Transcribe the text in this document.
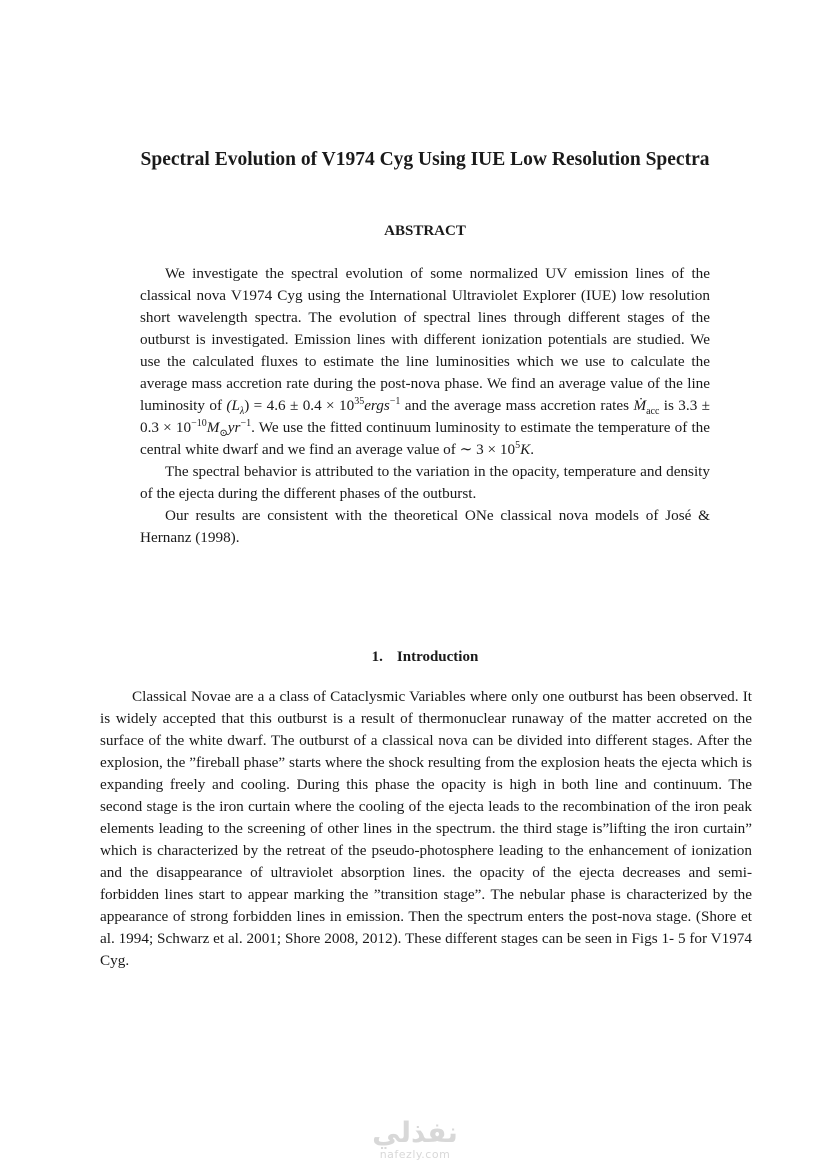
Spectral Evolution of V1974 Cyg Using IUE Low Resolution Spectra
ABSTRACT

We investigate the spectral evolution of some normalized UV emission lines of the classical nova V1974 Cyg using the International Ultraviolet Explorer (IUE) low resolution short wavelength spectra. The evolution of spectral lines through different stages of the outburst is investigated. Emission lines with different ionization potentials are studied. We use the calculated fluxes to estimate the line luminosities which we use to calculate the average mass accretion rate during the post-nova phase. We find an average value of the line luminosity of $(L_\lambda) = 4.6 \pm 0.4$ × $10^{35}ergs^{-1}$ and the average mass accretion rates Ṁ$_{acc}$ is $3.3 \pm 0.3 \times 10^{-10}M_⊙yr^{-1}$. We use the fitted continuum luminosity to estimate the temperature of the central white dwarf and we find an average value of ∼ $3 \times 10^5K$.

The spectral behavior is attributed to the variation in the opacity, temperature and density of the ejecta during the different phases of the outburst.

Our results are consistent with the theoretical ONe classical nova models of José & Hernanz (1998).

1. Introduction

Classical Novae are a a class of Cataclysmic Variables where only one outburst has been observed. It is widely accepted that this outburst is a result of thermonuclear runaway of the matter accreted on the surface of the white dwarf. The outburst of a classical nova can be divided into different stages. After the explosion, the ”fireball phase” starts where the shock resulting from the explosion heats the ejecta which is expanding freely and cooling. During this phase the opacity is high in both line and continuum. The second stage is the iron curtain where the cooling of the ejecta leads to the recombination of the iron peak elements leading to the screening of other lines in the spectrum. the third stage is”lifting the iron curtain” which is characterized by the retreat of the pseudo-photosphere leading to the enhancement of ionization and the disappearance of ultraviolet absorption lines. the opacity of the ejecta decreases and semi-forbidden lines start to appear marking the ”transition stage”. The nebular phase is characterized by the appearance of strong forbidden lines in emission. Then the spectrum enters the post-nova stage. (Shore et al. 1994; Schwarz et al. 2001; Shore 2008, 2012). These different stages can be seen in Figs 1- 5 for V1974 Cyg.

نفذلي
nafezly.com
